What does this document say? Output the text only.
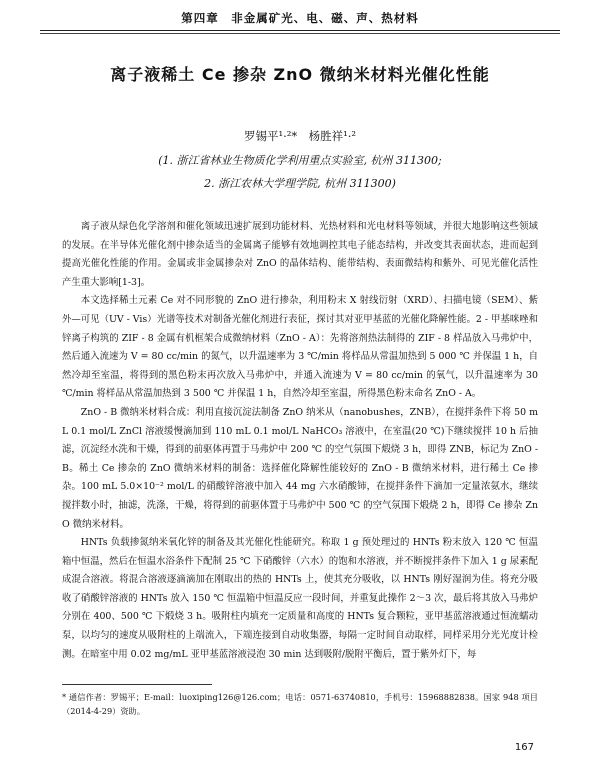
第四章　非金属矿光、电、磁、声、热材料
离子液稀土 Ce 掺杂 ZnO 微纳米材料光催化性能
罗锡平¹·²*　杨胜祥¹·²
(1. 浙江省林业生物质化学利用重点实验室, 杭州 311300;
2. 浙江农林大学理学院, 杭州 311300)

离子液从绿色化学溶剂和催化领域迅速扩展到功能材料、光热材料和光电材料等领域，并很大地影响这些领域的发展。在半导体光催化剂中掺杂适当的金属离子能够有效地调控其电子能态结构，并改变其表面状态，进而起到提高光催化性能的作用。金属或非金属掺杂对 ZnO 的晶体结构、能带结构、表面微结构和紫外、可见光催化活性产生重大影响[1-3]。

本文选择稀土元素 Ce 对不同形貌的 ZnO 进行掺杂，利用粉末 X 射线衍射（XRD）、扫描电镜（SEM）、紫外—可见（UV - Vis）光谱等技术对制备光催化剂进行表征，探讨其对亚甲基蓝的光催化降解性能。2 - 甲基咪唑和锌离子构筑的 ZIF - 8 金属有机框架合成微纳材料（ZnO - A）：先将溶剂热法制得的 ZIF - 8 样品放入马弗炉中，然后通入流速为 V = 80 cc/min 的氮气，以升温速率为 3 ℃/min 将样品从常温加热到 5 000 ℃ 并保温 1 h，自然冷却至室温，将得到的黑色粉末再次放入马弗炉中，并通入流速为 V = 80 cc/min 的氧气，以升温速率为 30 ℃/min 将样品从常温加热到 3 500 ℃ 并保温 1 h，自然冷却至室温，所得黑色粉末命名 ZnO - A。

ZnO - B 微纳米材料合成：利用直接沉淀法制备 ZnO 纳米从（nanobushes，ZNB），在搅拌条件下将 50 mL 0.1 mol/L ZnCl 溶液缓慢滴加到 110 mL 0.1 mol/L NaHCO₃ 溶液中，在室温(20 ℃)下继续搅拌 10 h 后抽滤，沉淀经水洗和干燥，得到的前驱体再置于马弗炉中 200 ℃ 的空气氛围下煅烧 3 h，即得 ZNB，标记为 ZnO - B。稀土 Ce 掺杂的 ZnO 微纳米材料的制备：选择催化降解性能较好的 ZnO - B 微纳米材料，进行稀土 Ce 掺杂。100 mL 5.0×10⁻² mol/L 的硝酸锌溶液中加入 44 mg 六水硝酸铈，在搅拌条件下滴加一定量浓氨水，继续搅拌数小时，抽滤，洗涤，干燥，将得到的前驱体置于马弗炉中 500 ℃ 的空气氛围下煅烧 2 h，即得 Ce 掺杂 ZnO 微纳米材料。

HNTs 负载掺氮纳米氧化锌的制备及其光催化性能研究。称取 1 g 预处理过的 HNTs 粉末放入 120 ℃ 恒温箱中恒温，然后在恒温水浴条件下配制 25 ℃ 下硝酸锌（六水）的饱和水溶液，并不断搅拌条件下加入 1 g 尿素配成混合溶液。将混合溶液逐滴滴加在刚取出的热的 HNTs 上，使其充分吸收，以 HNTs 刚好湿润为佳。将充分吸收了硝酸锌溶液的 HNTs 放入 150 ℃ 恒温箱中恒温反应一段时间，并重复此操作 2～3 次，最后将其放入马弗炉分别在 400、500 ℃ 下煅烧 3 h。吸附柱内填充一定质量和高度的 HNTs 复合颗粒，亚甲基蓝溶液通过恒流蠕动泵，以均匀的速度从吸附柱的上端流入，下端连接到自动收集器，每隔一定时间自动取样，同样采用分光光度计检测。在暗室中用 0.02 mg/mL 亚甲基蓝溶液浸泡 30 min 达到吸附/脱附平衡后，置于紫外灯下，每

* 通信作者：罗锡平；E-mail：luoxiping126@126.com；电话：0571-63740810，手机号：15968882838。国家 948 项目（2014-4-29）资助。
167
